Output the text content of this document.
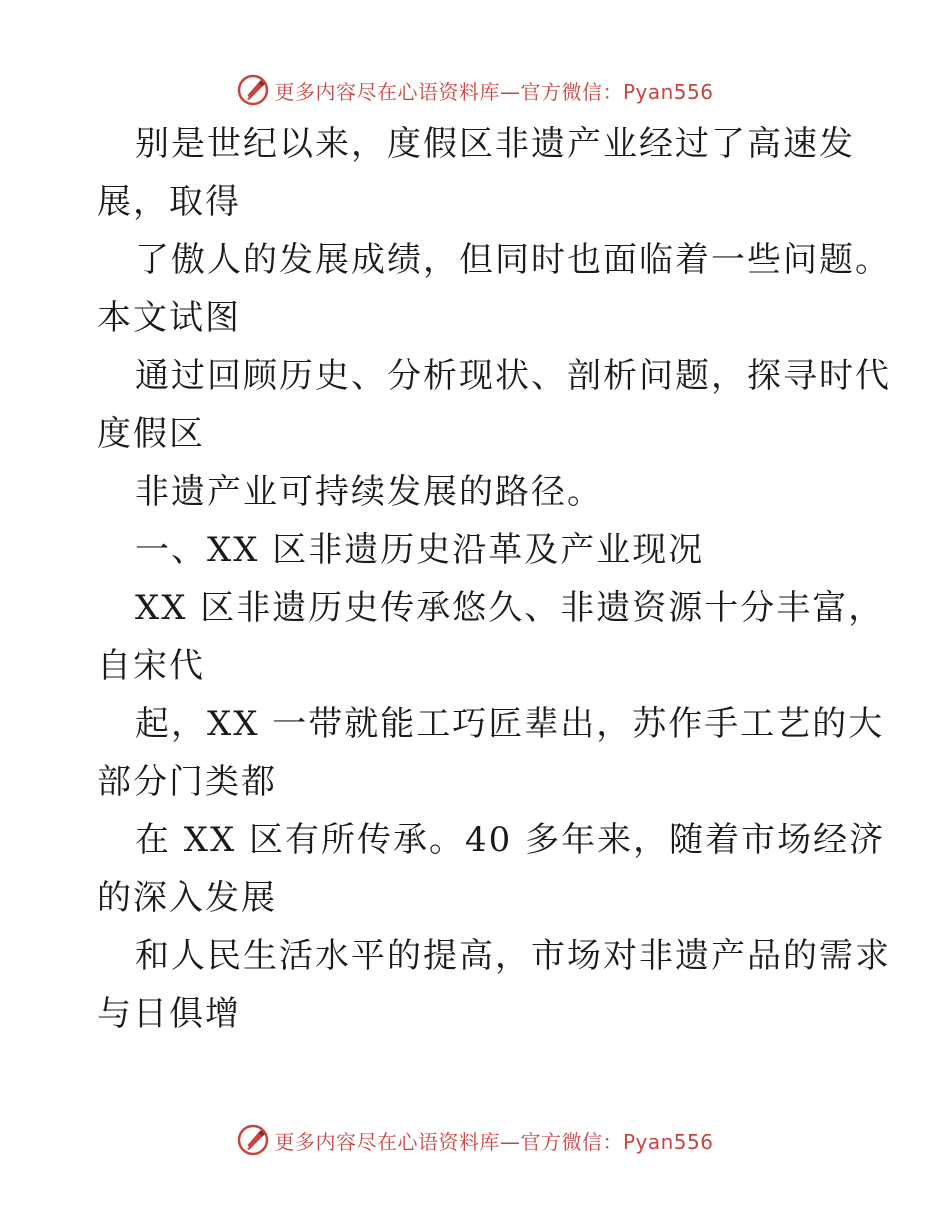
更多内容尽在心语资料库—官方微信：Pyan556
别是世纪以来，度假区非遗产业经过了高速发
展，取得
了傲人的发展成绩，但同时也面临着一些问题。
本文试图
通过回顾历史、分析现状、剖析问题，探寻时代
度假区
非遗产业可持续发展的路径。
一、XX 区非遗历史沿革及产业现况
XX 区非遗历史传承悠久、非遗资源十分丰富，
自宋代
起，XX 一带就能工巧匠辈出，苏作手工艺的大
部分门类都
在 XX 区有所传承。40 多年来，随着市场经济
的深入发展
和人民生活水平的提高，市场对非遗产品的需求
与日俱增
更多内容尽在心语资料库—官方微信：Pyan556
